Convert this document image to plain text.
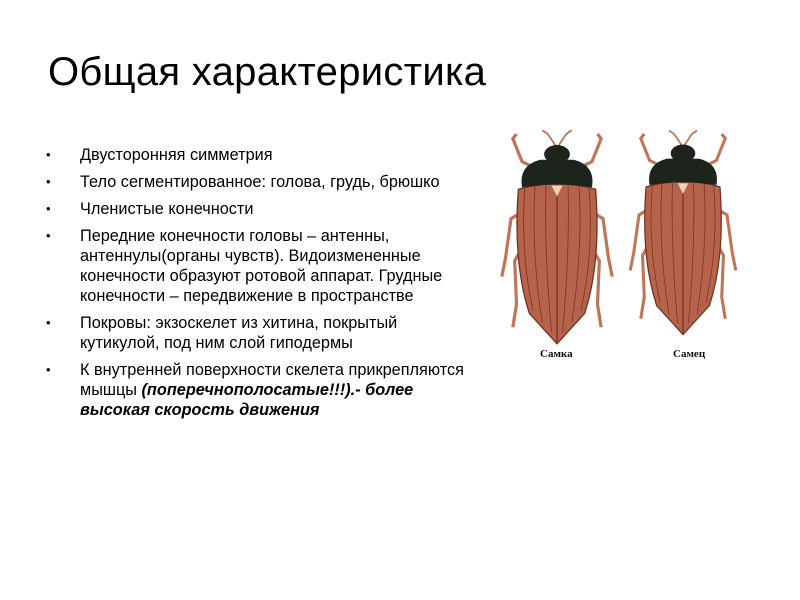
Общая характеристика
• Двусторонняя симметрия
• Тело сегментированное: голова, грудь, брюшко
• Членистые конечности
• Передние конечности головы – антенны, антеннулы(органы чувств). Видоизмененные конечности образуют ротовой аппарат. Грудные конечности – передвижение в пространстве
• Покровы: экзоскелет из хитина, покрытый кутикулой, под ним слой гиподермы
• К внутренней поверхности скелета прикрепляются мышцы (поперечнополосатые!!!).- более высокая скорость движения
Самка	Самец
